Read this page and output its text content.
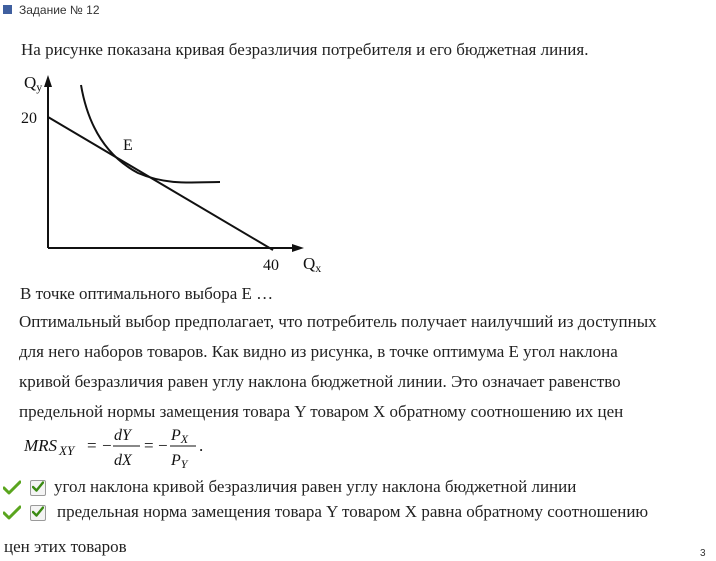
Задание № 12
На рисунке показана кривая безразличия потребителя и его бюджетная линия.
Qy
20
E
40 Qx
В точке оптимального выбора Е …
Оптимальный выбор предполагает, что потребитель получает наилучший из доступных
для него наборов товаров. Как видно из рисунка, в точке оптимума Е угол наклона
кривой безразличия равен углу наклона бюджетной линии. Это означает равенство
предельной нормы замещения товара Y товаром X обратному соотношению их цен
MRS $_{XY}$ = −
dY
dX
= −
PX
PY
.
угол наклона кривой безразличия равен углу наклона бюджетной линии
предельная норма замещения товара Y товаром X равна обратному соотношению
цен этих товаров	3
